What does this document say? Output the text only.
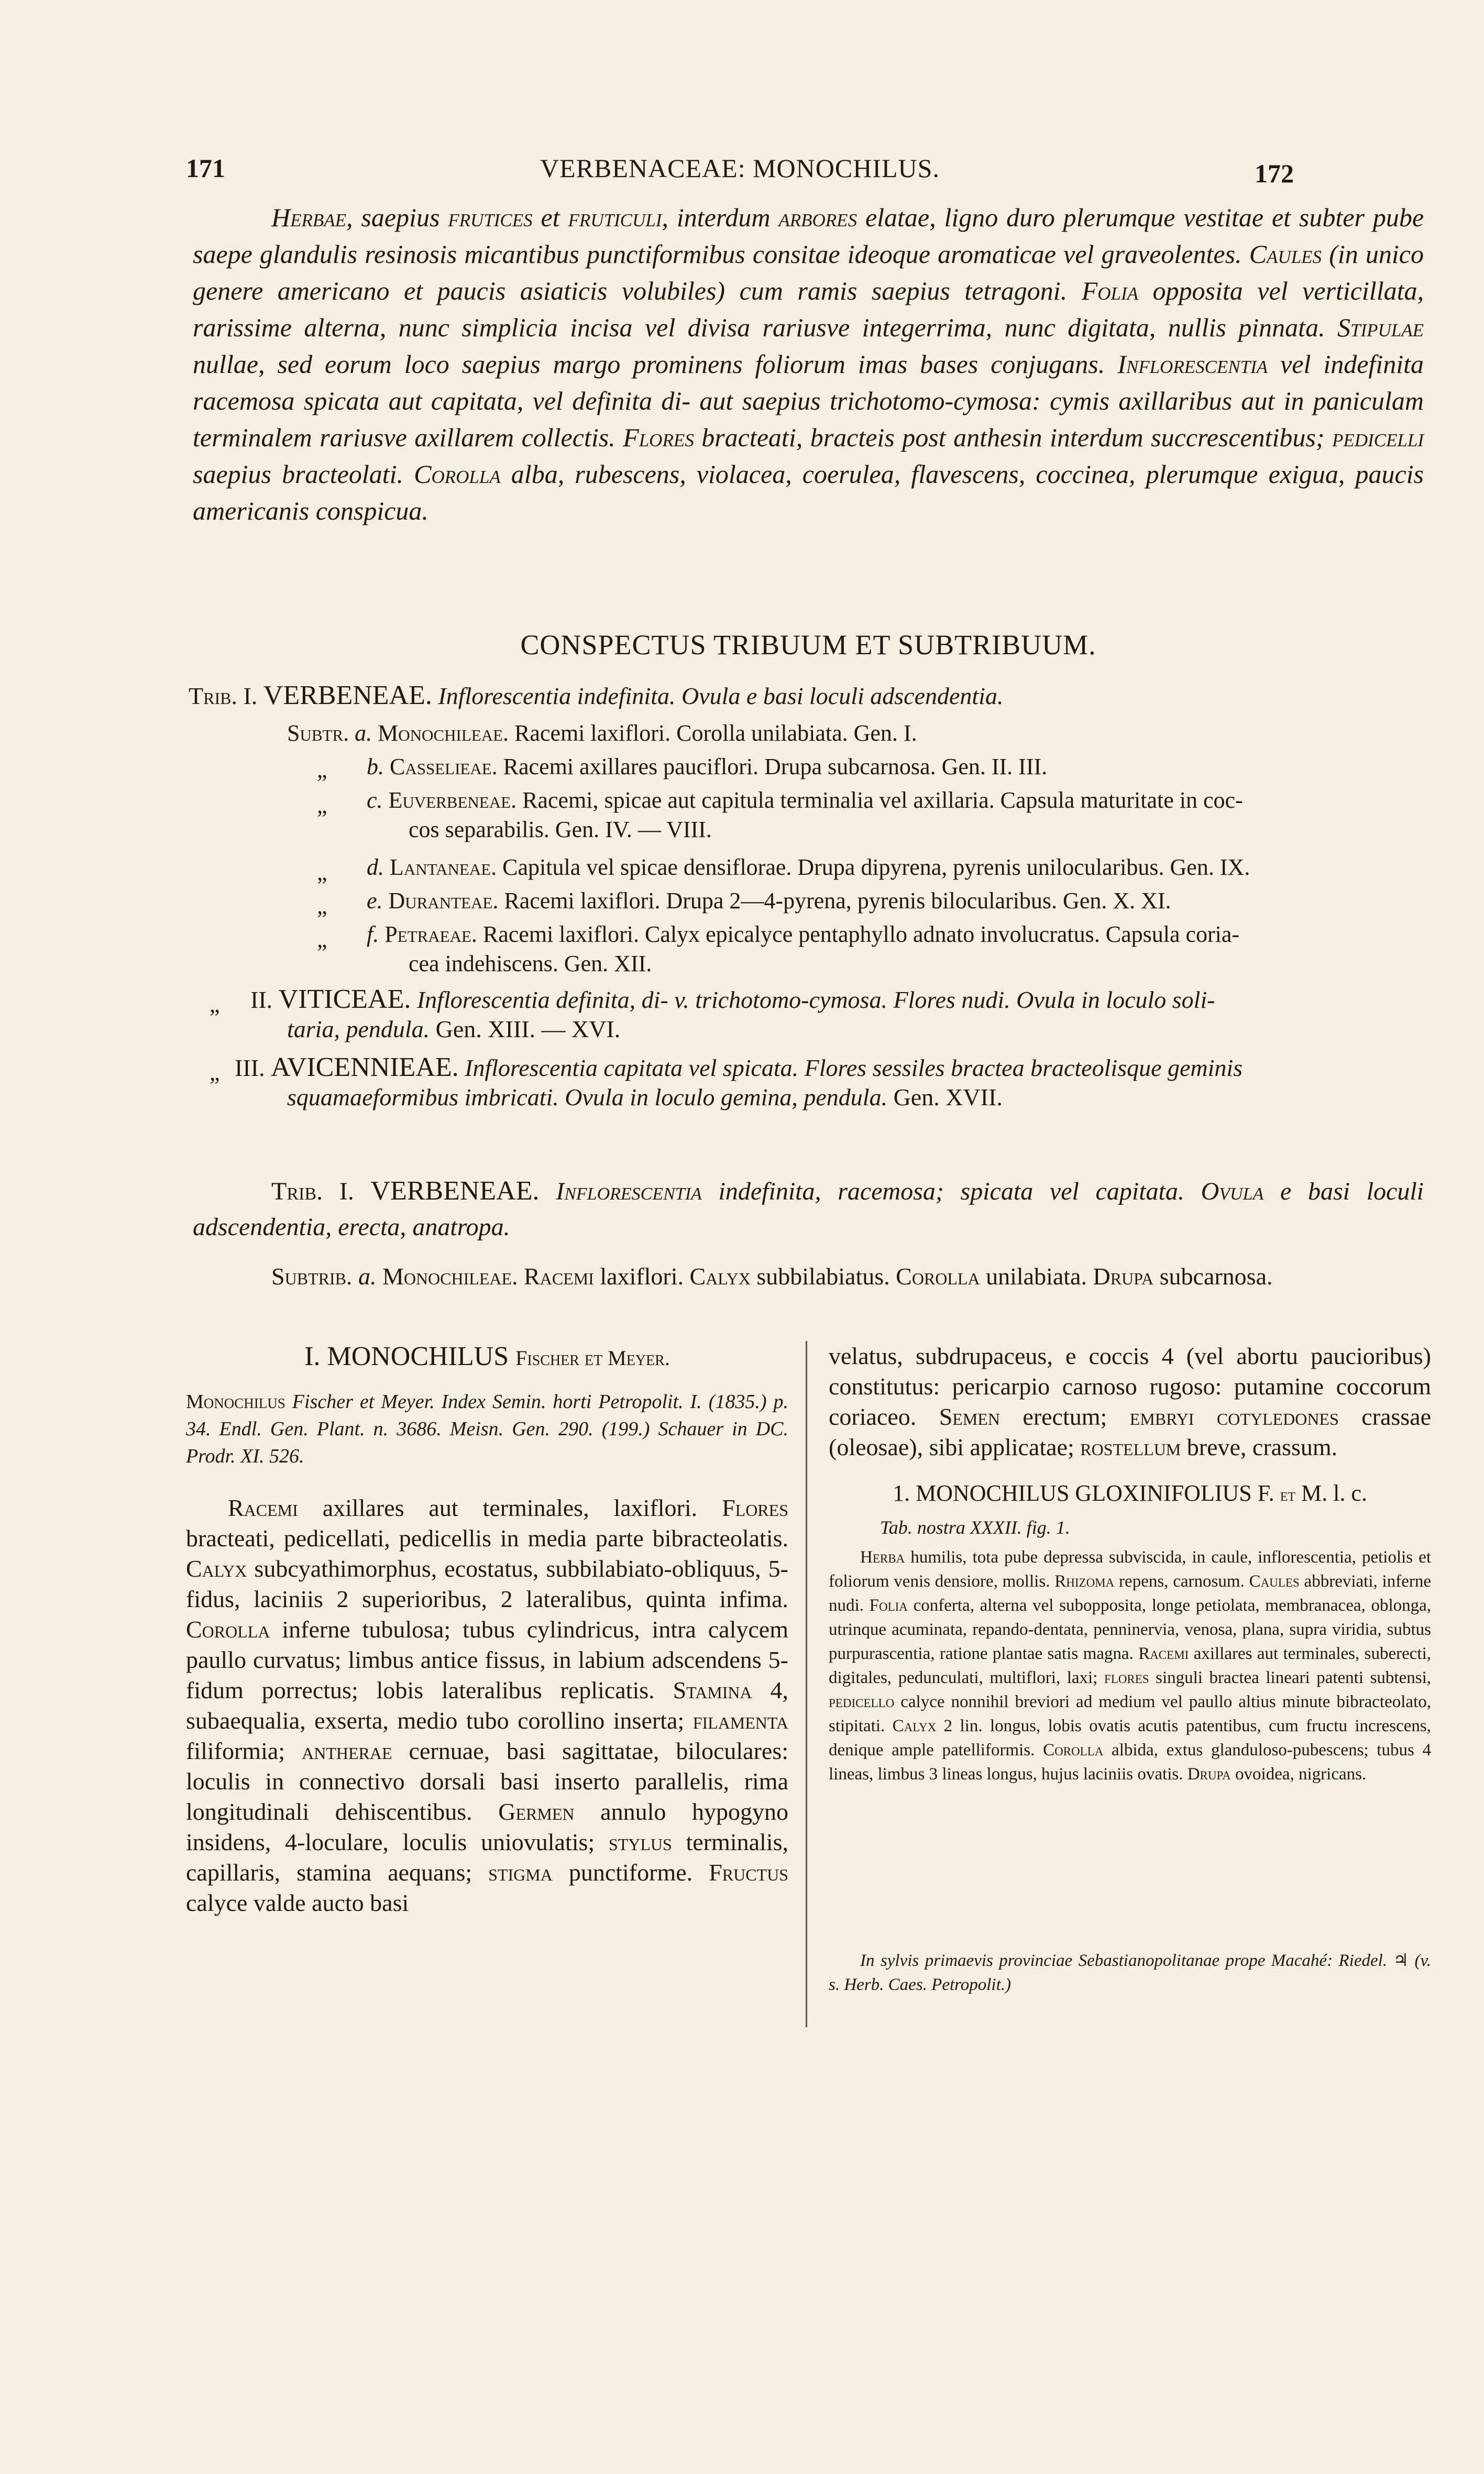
171	VERBENACEAE: MONOCHILUS.	172
Herbae, saepius frutices et fruticuli, interdum arbores elatae, ligno duro plerumque vestitae et subter pube saepe glandulis resinosis micantibus punctiformibus consitae ideoque aromaticae vel graveolentes. Caules (in unico genere americano et paucis asiaticis volubiles) cum ramis saepius tetragoni. Folia opposita vel verticillata, rarissime alterna, nunc simplicia incisa vel divisa rariusve integerrima, nunc digitata, nullis pinnata. Stipulae nullae, sed eorum loco saepius margo prominens foliorum imas bases conjugans. Inflorescentia vel indefinita racemosa spicata aut capitata, vel definita di- aut saepius trichotomo-cymosa: cymis axillaribus aut in paniculam terminalem rariusve axillarem collectis. Flores bracteati, bracteis post anthesin interdum succrescentibus; pedicelli saepius bracteolati. Corolla alba, rubescens, violacea, coerulea, flavescens, coccinea, plerumque exigua, paucis americanis conspicua.
CONSPECTUS TRIBUUM ET SUBTRIBUUM.
Trib. I. VERBENEAE. Inflorescentia indefinita. Ovula e basi loculi adscendentia.
Subtr. a. Monochileae. Racemi laxiflori. Corolla unilabiata. Gen. I.
„ b. Casselieae. Racemi axillares pauciflori. Drupa subcarnosa. Gen. II. III.
„ c. Euverbeneae. Racemi, spicae aut capitula terminalia vel axillaria. Capsula maturitate in coc-
cos separabilis. Gen. IV. — VIII.
„ d. Lantaneae. Capitula vel spicae densiflorae. Drupa dipyrena, pyrenis unilocularibus. Gen. IX.
„ e. Duranteae. Racemi laxiflori. Drupa 2—4-pyrena, pyrenis bilocularibus. Gen. X. XI.
„ f. Petraeae. Racemi laxiflori. Calyx epicalyce pentaphyllo adnato involucratus. Capsula coria-
cea indehiscens. Gen. XII.
„ II. VITICEAE. Inflorescentia definita, di- v. trichotomo-cymosa. Flores nudi. Ovula in loculo soli-
taria, pendula. Gen. XIII. — XVI.
„ III. AVICENNIEAE. Inflorescentia capitata vel spicata. Flores sessiles bractea bracteolisque geminis
squamaeformibus imbricati. Ovula in loculo gemina, pendula. Gen. XVII.
Trib. I. VERBENEAE. Inflorescentia indefinita, racemosa; spicata vel capitata. Ovula e basi loculi adscendentia, erecta, anatropa.
Subtrib. a. Monochileae. Racemi laxiflori. Calyx subbilabiatus. Corolla unilabiata. Drupa subcarnosa.
I. MONOCHILUS Fischer et Meyer.
Monochilus Fischer et Meyer. Index Semin. horti Petropolit. I. (1835.) p. 34. Endl. Gen. Plant. n. 3686. Meisn. Gen. 290. (199.) Schauer in DC. Prodr. XI. 526.
Racemi axillares aut terminales, laxiflori. Flores bracteati, pedicellati, pedicellis in media parte bibracteolatis. Calyx subcyathimorphus, ecostatus, subbilabiato-obliquus, 5-fidus, laciniis 2 superioribus, 2 lateralibus, quinta infima. Corolla inferne tubulosa; tubus cylindricus, intra calycem paullo curvatus; limbus antice fissus, in labium adscendens 5-fidum porrectus; lobis lateralibus replicatis. Stamina 4, subaequalia, exserta, medio tubo corollino inserta; filamenta filiformia; antherae cernuae, basi sagittatae, biloculares: loculis in connectivo dorsali basi inserto parallelis, rima longitudinali dehiscentibus. Germen annulo hypogyno insidens, 4-loculare, loculis uniovulatis; stylus terminalis, capillaris, stamina aequans; stigma punctiforme. Fructus calyce valde aucto basi
velatus, subdrupaceus, e coccis 4 (vel abortu paucioribus) constitutus: pericarpio carnoso rugoso: putamine coccorum coriaceo. Semen erectum; embryi cotyledones crassae (oleosae), sibi applicatae; rostellum breve, crassum.
1. MONOCHILUS GLOXINIFOLIUS F. et M. l. c.
Tab. nostra XXXII. fig. 1.
Herba humilis, tota pube depressa subviscida, in caule, inflorescentia, petiolis et foliorum venis densiore, mollis. Rhizoma repens, carnosum. Caules abbreviati, inferne nudi. Folia conferta, alterna vel subopposita, longe petiolata, membranacea, oblonga, utrinque acuminata, repando-dentata, penninervia, venosa, plana, supra viridia, subtus purpurascentia, ratione plantae satis magna. Racemi axillares aut terminales, suberecti, digitales, pedunculati, multiflori, laxi; flores singuli bractea lineari patenti subtensi, pedicello calyce nonnihil breviori ad medium vel paullo altius minute bibracteolato, stipitati. Calyx 2 lin. longus, lobis ovatis acutis patentibus, cum fructu increscens, denique ample patelliformis. Corolla albida, extus glanduloso-pubescens; tubus 4 lineas, limbus 3 lineas longus, hujus laciniis ovatis. Drupa ovoidea, nigricans.
In sylvis primaevis provinciae Sebastianopolitanae prope Macahé: Riedel. ♃ (v. s. Herb. Caes. Petropolit.)
